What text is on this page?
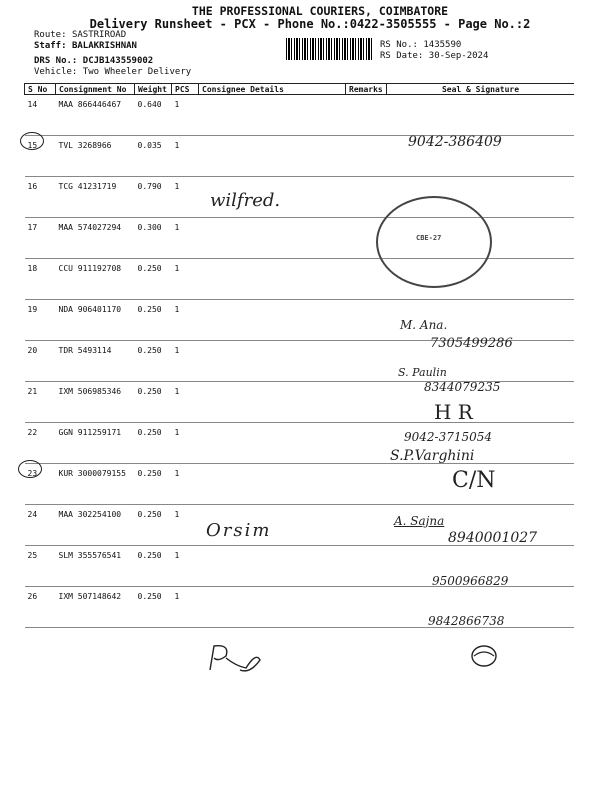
THE PROFESSIONAL COURIERS, COIMBATORE
Delivery Runsheet - PCX - Phone No.:0422-3505555 - Page No.:2
Route: SASTRIROAD
Staff: BALAKRISHNAN
DRS No.: DCJB143559002
Vehicle: Two Wheeler Delivery
RS No.: 1435590
RS Date: 30-Sep-2024
S No	Consignment No	Weight	PCS	Consignee Details	Remarks	Seal & Signature
14	MAA 866446467	0.640	1			
15	TVL 3268966	0.035	1			
16	TCG 41231719	0.790	1			
17	MAA 574027294	0.300	1			
18	CCU 911192708	0.250	1			
19	NDA 906401170	0.250	1			
20	TDR 5493114	0.250	1			
21	IXM 506985346	0.250	1			
22	GGN 911259171	0.250	1			
23	KUR 3000079155	0.250	1			
24	MAA 302254100	0.250	1			
25	SLM 355576541	0.250	1			
26	IXM 507148642	0.250	1			
wilfred.
Orsim
9042-386409
M. Ana.
7305499286
S. Paulin
8344079235
H R
9042-3715054
S.P.Varghini
C/N
A. Sajna
8940001027
9500966829
9842866738
CBE-27
